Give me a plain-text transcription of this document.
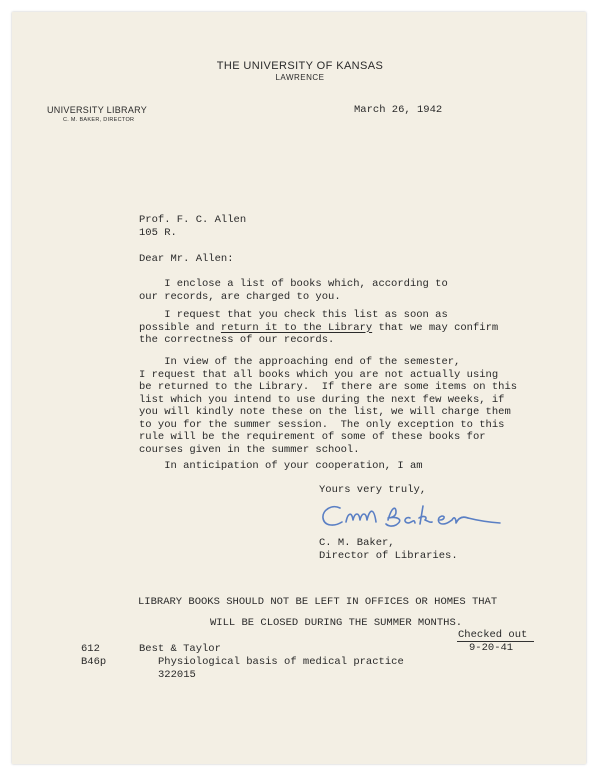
THE UNIVERSITY OF KANSAS
LAWRENCE
UNIVERSITY LIBRARY
C. M. BAKER, DIRECTOR
March 26, 1942
Prof. F. C. Allen
105 R.
Dear Mr. Allen:
I enclose a list of books which, according to
our records, are charged to you.
I request that you check this list as soon as
possible and return it to the Library that we may confirm
the correctness of our records.
In view of the approaching end of the semester,
I request that all books which you are not actually using
be returned to the Library.  If there are some items on this
list which you intend to use during the next few weeks, if
you will kindly note these on the list, we will charge them
to you for the summer session.  The only exception to this
rule will be the requirement of some of these books for
courses given in the summer school.
In anticipation of your cooperation, I am
Yours very truly,
C. M. Baker,
Director of Libraries.
LIBRARY BOOKS SHOULD NOT BE LEFT IN OFFICES OR HOMES THAT
WILL BE CLOSED DURING THE SUMMER MONTHS.
Checked out
9-20-41
612
B46p
Best & Taylor
Physiological basis of medical practice
322015
